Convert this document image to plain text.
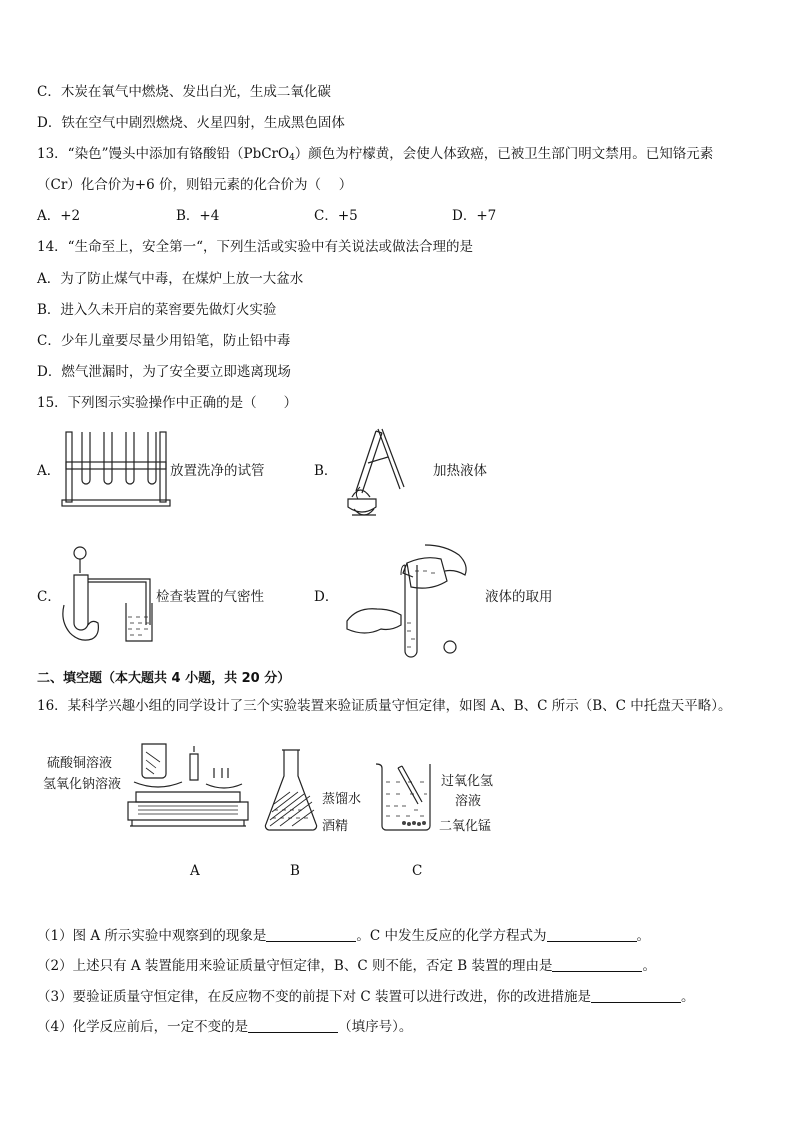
C．木炭在氧气中燃烧、发出白光，生成二氧化碳
D．铁在空气中剧烈燃烧、火星四射，生成黑色固体
13．“染色”馒头中添加有铬酸铅（PbCrO$_4$）颜色为柠檬黄，会使人体致癌，已被卫生部门明文禁用。已知铬元素
（Cr）化合价为+6 价，则铅元素的化合价为（　 ）
A．+2	B．+4	C．+5	D．+7
14．“生命至上，安全第一“，下列生活或实验中有关说法或做法合理的是
A．为了防止煤气中毒，在煤炉上放一大盆水
B．进入久未开启的菜窖要先做灯火实验
C．少年儿童要尽量少用铅笔，防止铅中毒
D．燃气泄漏时，为了安全要立即逃离现场
15．下列图示实验操作中正确的是（　　）
A．	放置洗净的试管	B．	加热液体
C．	检查装置的气密性	D．	液体的取用
二、填空题（本大题共 4 小题，共 20 分）
16．某科学兴趣小组的同学设计了三个实验装置来验证质量守恒定律，如图 A、B、C 所示（B、C 中托盘天平略）。
硫酸铜溶液
氢氧化钠溶液
蒸馏水
酒精
过氧化氢
溶液
二氧化锰
A	B	C
（1）图 A 所示实验中观察到的现象是	。C 中发生反应的化学方程式为	。
（2）上述只有 A 装置能用来验证质量守恒定律，B、C 则不能，否定 B 装置的理由是	。
（3）要验证质量守恒定律，在反应物不变的前提下对 C 装置可以进行改进，你的改进措施是	。
（4）化学反应前后，一定不变的是	（填序号）。
